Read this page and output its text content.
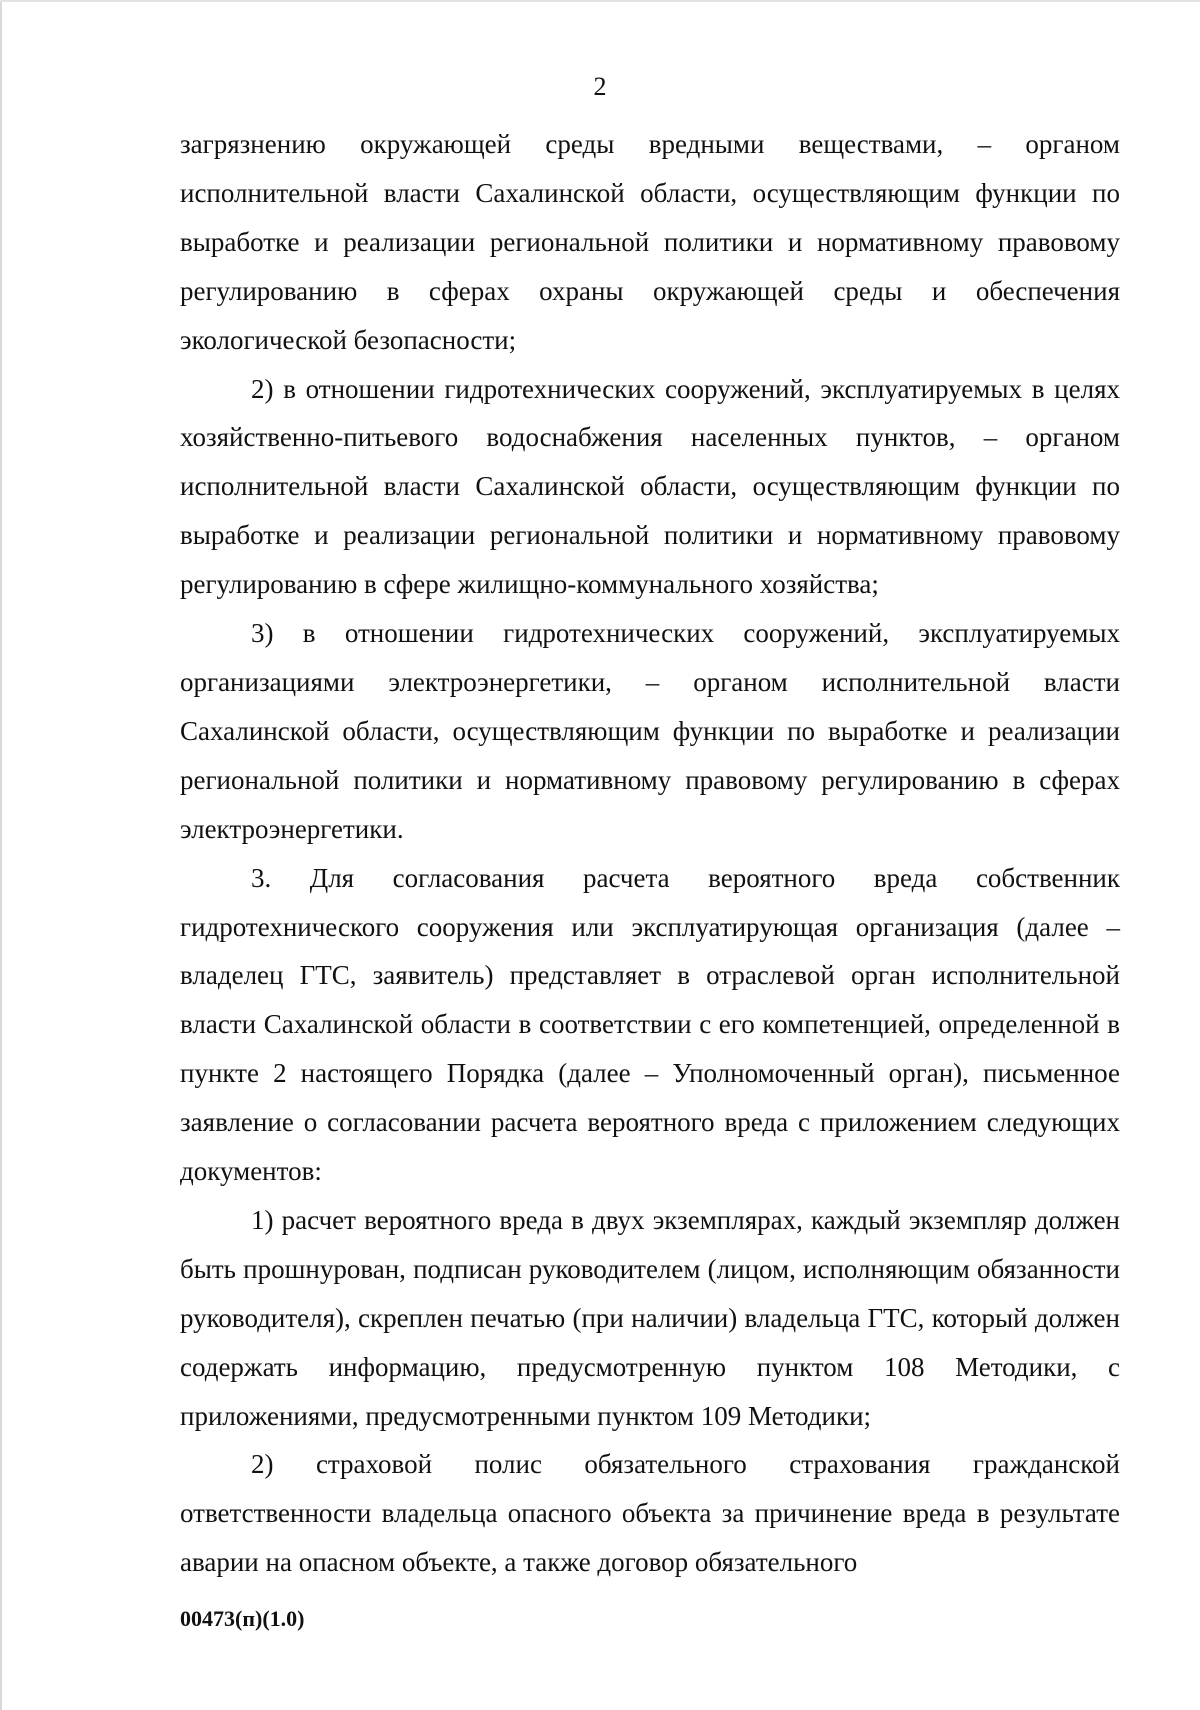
2

загрязнению окружающей среды вредными веществами, – органом исполнительной власти Сахалинской области, осуществляющим функции по выработке и реализации региональной политики и нормативному правовому регулированию в сферах охраны окружающей среды и обеспечения экологической безопасности;

2) в отношении гидротехнических сооружений, эксплуатируемых в целях хозяйственно-питьевого водоснабжения населенных пунктов, – органом исполнительной власти Сахалинской области, осуществляющим функции по выработке и реализации региональной политики и нормативному правовому регулированию в сфере жилищно-коммунального хозяйства;

3) в отношении гидротехнических сооружений, эксплуатируемых организациями электроэнергетики, – органом исполнительной власти Сахалинской области, осуществляющим функции по выработке и реализации региональной политики и нормативному правовому регулированию в сферах электроэнергетики.

3. Для согласования расчета вероятного вреда собственник гидротехнического сооружения или эксплуатирующая организация (далее – владелец ГТС, заявитель) представляет в отраслевой орган исполнительной власти Сахалинской области в соответствии с его компетенцией, определенной в пункте 2 настоящего Порядка (далее – Уполномоченный орган), письменное заявление о согласовании расчета вероятного вреда с приложением следующих документов:

1) расчет вероятного вреда в двух экземплярах, каждый экземпляр должен быть прошнурован, подписан руководителем (лицом, исполняющим обязанности руководителя), скреплен печатью (при наличии) владельца ГТС, который должен содержать информацию, предусмотренную пунктом 108 Методики, с приложениями, предусмотренными пунктом 109 Методики;

2) страховой полис обязательного страхования гражданской ответственности владельца опасного объекта за причинение вреда в результате аварии на опасном объекте, а также договор обязательного

00473(п)(1.0)
